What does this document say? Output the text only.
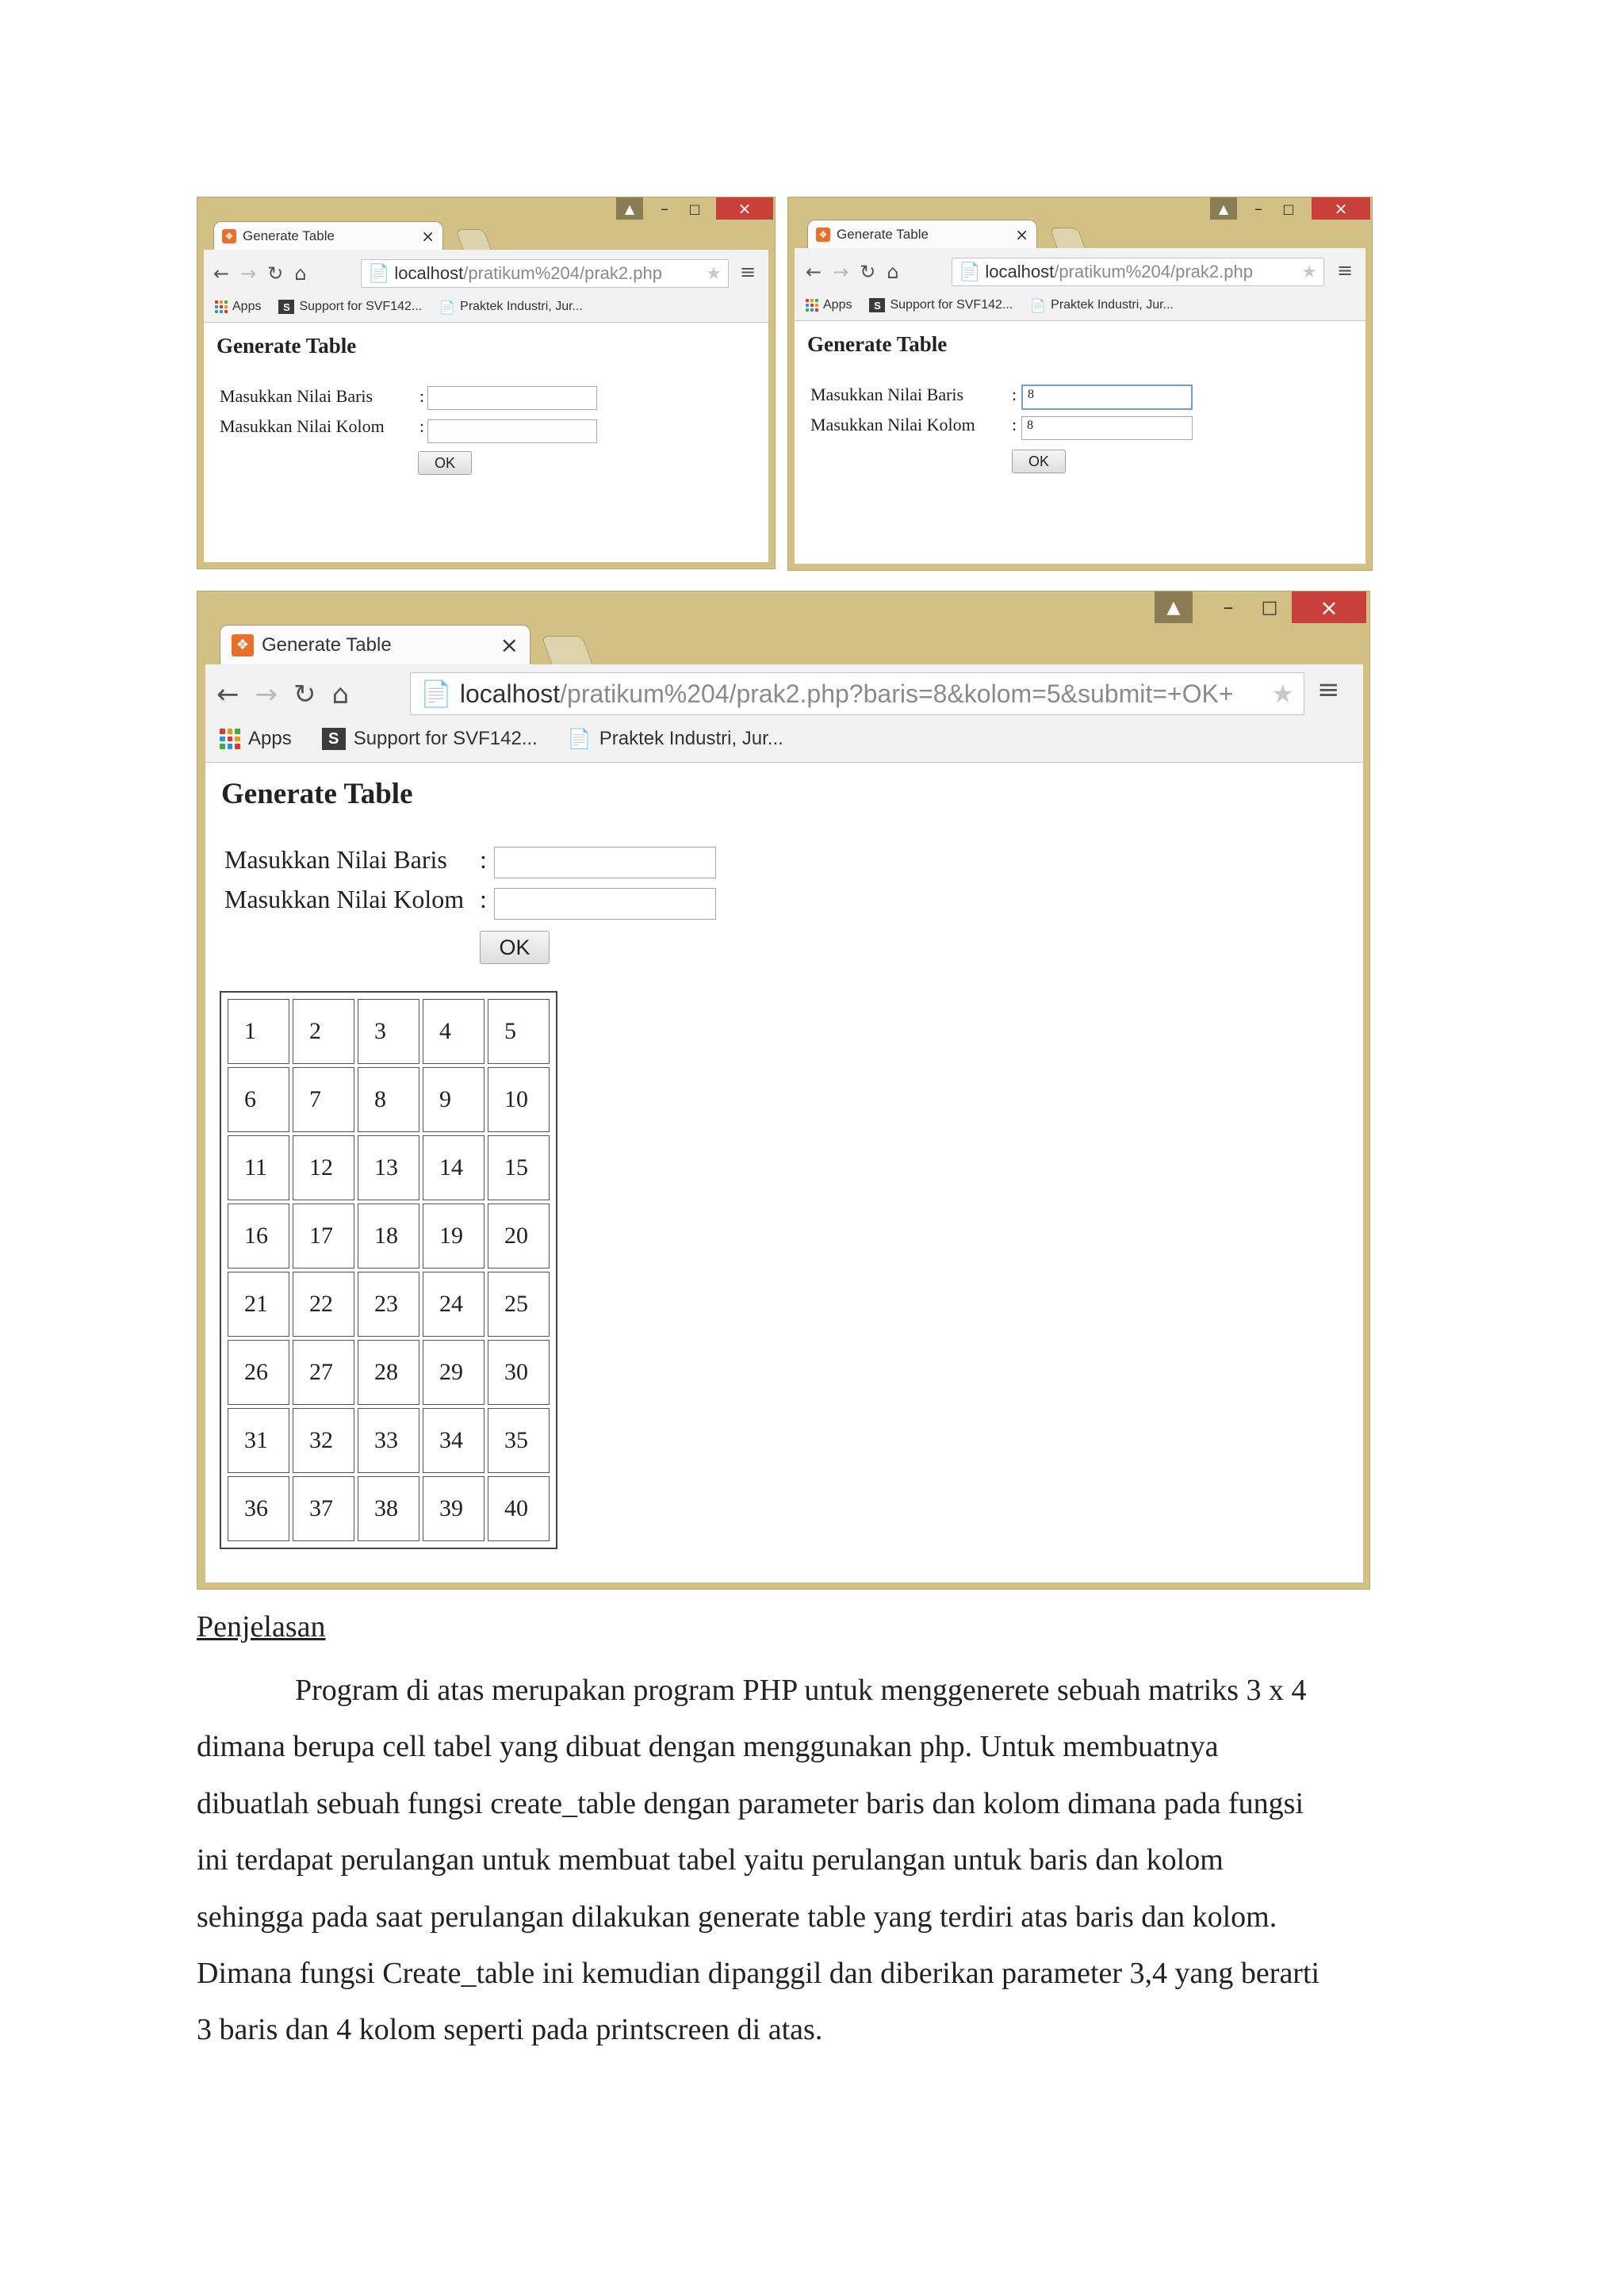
▲	–	□	×
❖ Generate Table	×
← → ↻ ⌂	📄 localhost/pratikum%204/prak2.php	★ ≡
Apps	S Support for SVF142... 📄 Praktek Industri, Jur...
Generate Table
Masukkan Nilai Baris	:
Masukkan Nilai Kolom :
OK
▲	–	□	×
❖ Generate Table	×
← → ↻ ⌂	📄 localhost/pratikum%204/prak2.php	★ ≡
Apps	S Support for SVF142... 📄 Praktek Industri, Jur...
Generate Table
Masukkan Nilai Baris	: 8
Masukkan Nilai Kolom : 8
OK
▲	–	□	×
❖ Generate Table	×
← → ↻ ⌂	📄 localhost/pratikum%204/prak2.php?baris=8&kolom=5&submit=+OK+ ★ ≡
Apps	S Support for SVF142... 📄 Praktek Industri, Jur...
Generate Table
Masukkan Nilai Baris :
Masukkan Nilai Kolom :
OK
1	2	3	4	5
6	7	8	9	10
11	12	13	14	15
16	17	18	19	20
21	22	23	24	25
26	27	28	29	30
31	32	33	34	35
36	37	38	39	40
Penjelasan

Program di atas merupakan program PHP untuk menggenerete sebuah matriks 3 x 4

dimana berupa cell tabel yang dibuat dengan menggunakan php. Untuk membuatnya

dibuatlah sebuah fungsi create_table dengan parameter baris dan kolom dimana pada fungsi

ini terdapat perulangan untuk membuat tabel yaitu perulangan untuk baris dan kolom

sehingga pada saat perulangan dilakukan generate table yang terdiri atas baris dan kolom.

Dimana fungsi Create_table ini kemudian dipanggil dan diberikan parameter 3,4 yang berarti

3 baris dan 4 kolom seperti pada printscreen di atas.
